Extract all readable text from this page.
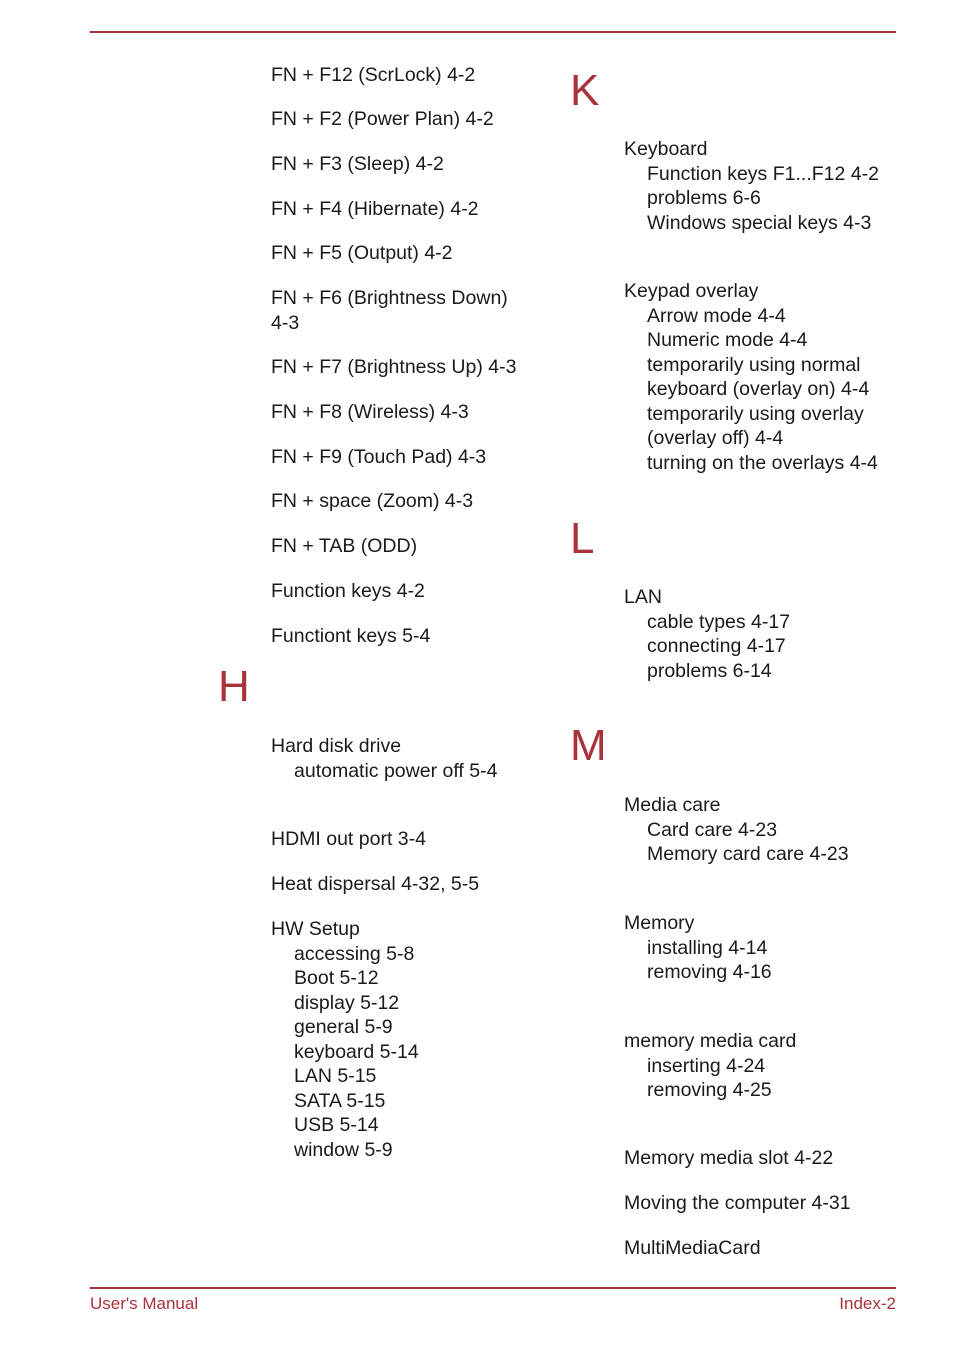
FN + F12 (ScrLock) 4-2
FN + F2 (Power Plan) 4-2
FN + F3 (Sleep) 4-2
FN + F4 (Hibernate) 4-2
FN + F5 (Output) 4-2
FN + F6 (Brightness Down)
4-3
FN + F7 (Brightness Up) 4-3
FN + F8 (Wireless) 4-3
FN + F9 (Touch Pad) 4-3
FN + space (Zoom) 4-3
FN + TAB (ODD)
Function keys 4-2
Functiont keys 5-4
H
Hard disk drive
automatic power off 5-4
HDMI out port 3-4
Heat dispersal 4-32, 5-5
HW Setup
accessing 5-8
Boot 5-12
display 5-12
general 5-9
keyboard 5-14
LAN 5-15
SATA 5-15
USB 5-14
window 5-9
K
Keyboard
Function keys F1...F12 4-2
problems 6-6
Windows special keys 4-3
Keypad overlay
Arrow mode 4-4
Numeric mode 4-4
temporarily using normal
keyboard (overlay on) 4-4
temporarily using overlay
(overlay off) 4-4
turning on the overlays 4-4
L
LAN
cable types 4-17
connecting 4-17
problems 6-14
M
Media care
Card care 4-23
Memory card care 4-23
Memory
installing 4-14
removing 4-16
memory media card
inserting 4-24
removing 4-25
Memory media slot 4-22
Moving the computer 4-31
MultiMediaCard
User's Manual	Index-2
